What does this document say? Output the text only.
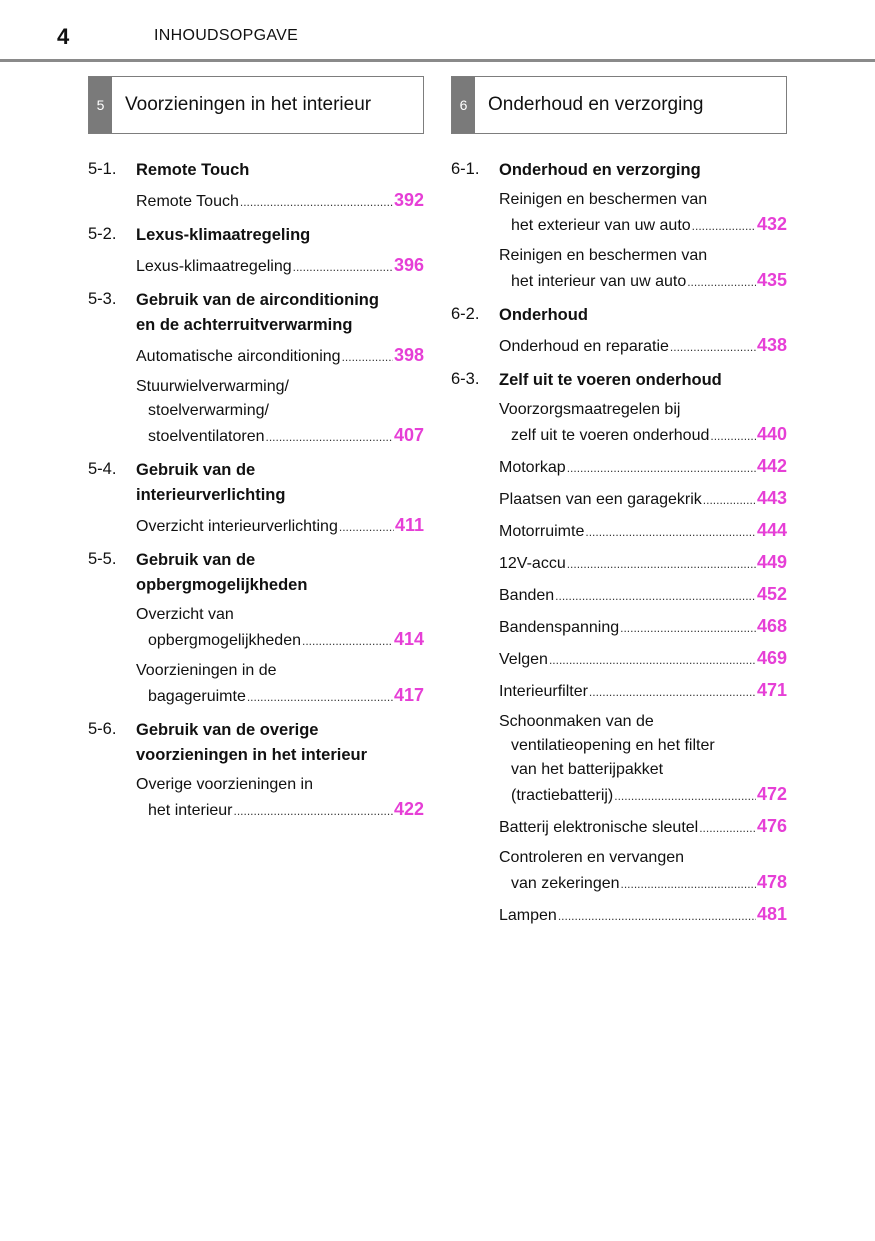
4	INHOUDSOPGAVE
5	Voorzieningen in het interieur
5-1. Remote Touch
Remote Touch .....	392
5-2. Lexus-klimaatregeling
Lexus-klimaatregeling .....	396
5-3. Gebruik van de airconditioning
en de achterruitverwarming
Automatische airconditioning .....	398
Stuurwielverwarming/
stoelverwarming/
stoelventilatoren .....	407
5-4. Gebruik van de
interieurverlichting
Overzicht interieurverlichting .....	411
5-5. Gebruik van de
opbergmogelijkheden
Overzicht van
opbergmogelijkheden .....	414
Voorzieningen in de
bagageruimte .....	417
5-6. Gebruik van de overige
voorzieningen in het interieur
Overige voorzieningen in
het interieur .....	422
6	Onderhoud en verzorging
6-1. Onderhoud en verzorging
Reinigen en beschermen van
het exterieur van uw auto .....	432
Reinigen en beschermen van
het interieur van uw auto .....	435
6-2. Onderhoud
Onderhoud en reparatie .....	438
6-3. Zelf uit te voeren onderhoud
Voorzorgsmaatregelen bij
zelf uit te voeren onderhoud .....	440
Motorkap .....	442
Plaatsen van een garagekrik .....	443
Motorruimte .....	444
12V-accu .....	449
Banden .....	452
Bandenspanning .....	468
Velgen .....	469
Interieurfilter .....	471
Schoonmaken van de
ventilatieopening en het filter
van het batterijpakket
(tractiebatterij) .....	472
Batterij elektronische sleutel .....	476
Controleren en vervangen
van zekeringen .....	478
Lampen .....	481
